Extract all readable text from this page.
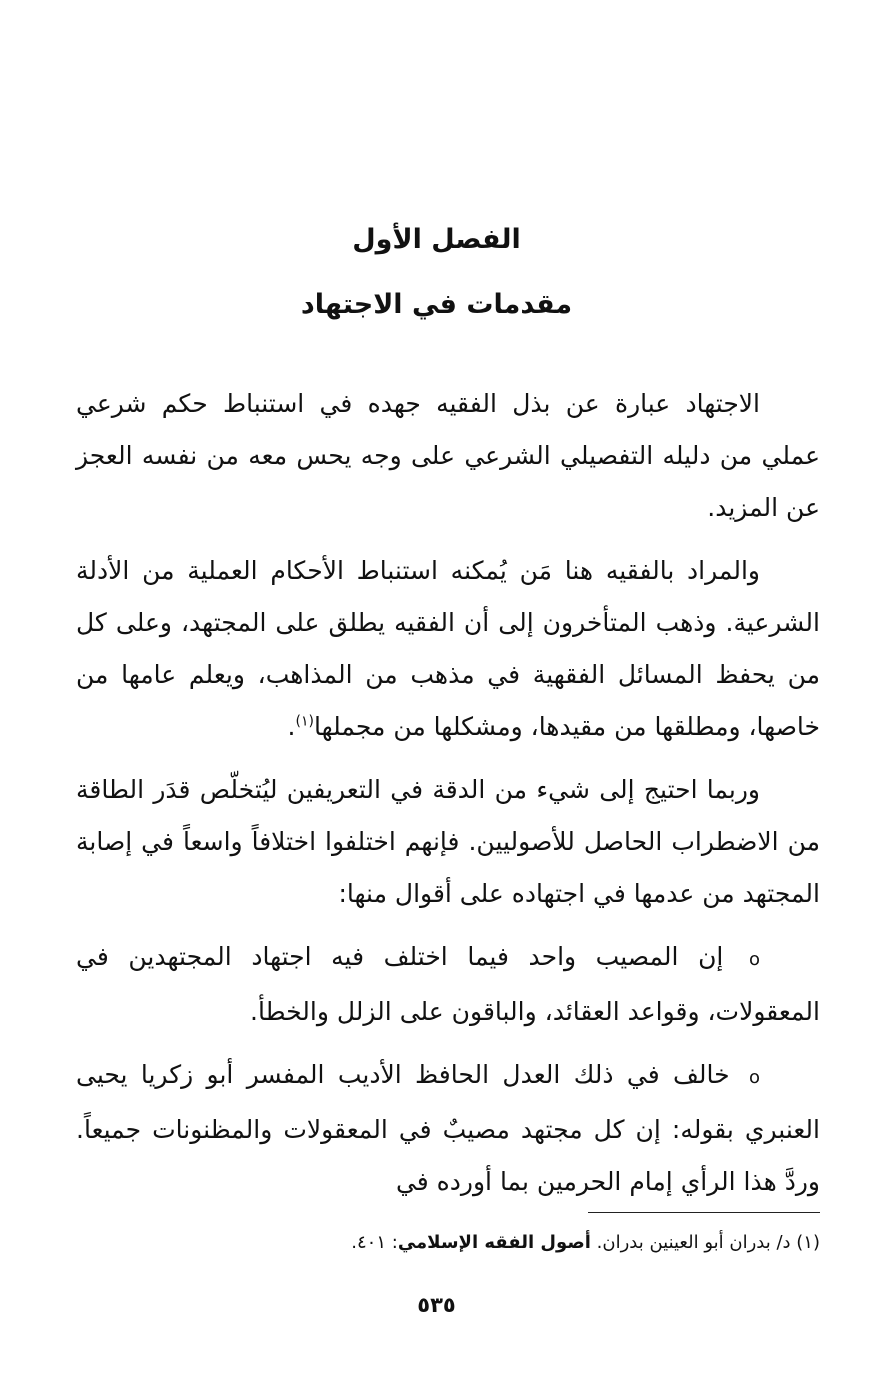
الفصل الأول
مقدمات في الاجتهاد

الاجتهاد عبارة عن بذل الفقيه جهده في استنباط حكم شرعي عملي من دليله التفصيلي الشرعي على وجه يحس معه من نفسه العجز عن المزيد.

والمراد بالفقيه هنا مَن يُمكنه استنباط الأحكام العملية من الأدلة الشرعية. وذهب المتأخرون إلى أن الفقيه يطلق على المجتهد، وعلى كل من يحفظ المسائل الفقهية في مذهب من المذاهب، ويعلم عامها من خاصها، ومطلقها من مقيدها، ومشكلها من مجملها$^{(١)}$.

وربما احتيج إلى شيء من الدقة في التعريفين ليُتخلّص قدَر الطاقة من الاضطراب الحاصل للأصوليين. فإنهم اختلفوا اختلافاً واسعاً في إصابة المجتهد من عدمها في اجتهاده على أقوال منها:

o إن المصيب واحد فيما اختلف فيه اجتهاد المجتهدين في المعقولات، وقواعد العقائد، والباقون على الزلل والخطأ.

o خالف في ذلك العدل الحافظ الأديب المفسر أبو زكريا يحيى العنبري بقوله: إن كل مجتهد مصيبٌ في المعقولات والمظنونات جميعاً. وردَّ هذا الرأي إمام الحرمين بما أورده في

(١) د/ بدران أبو العينين بدران. أصول الفقه الإسلامي: ٤٠١.
٥٣٥
